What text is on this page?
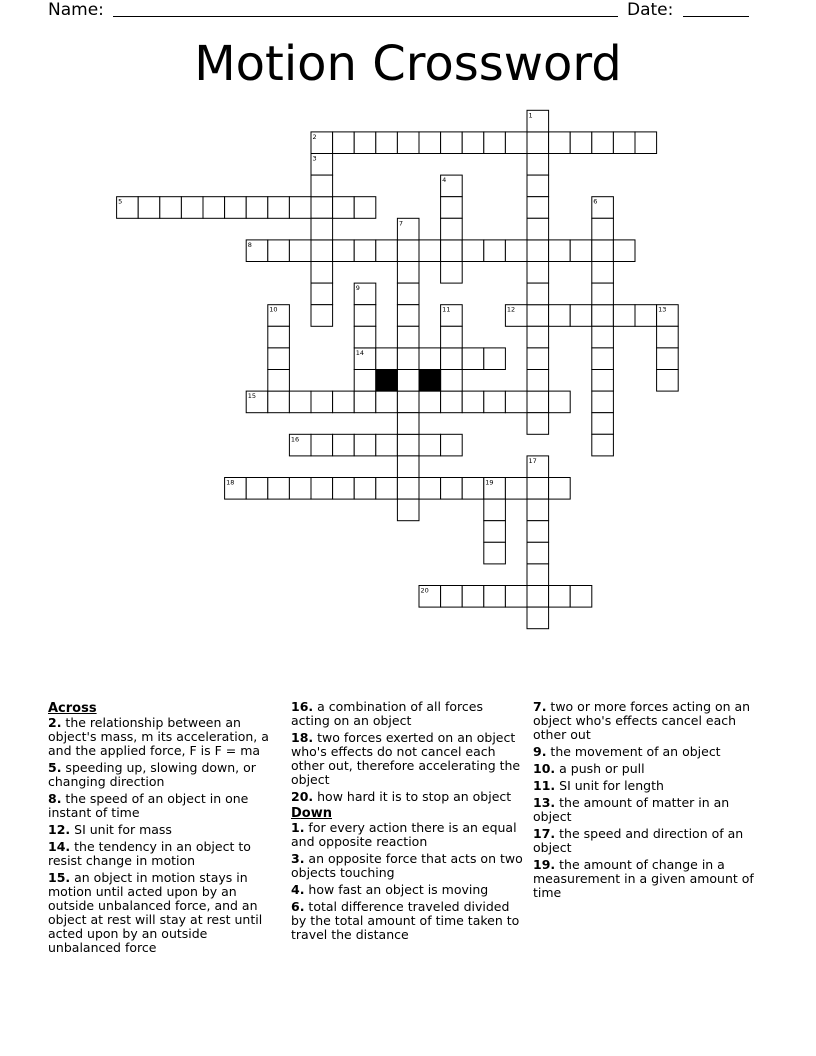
Name:	Date:
Motion Crossword
2
5
8
12
14
15
16
18
20
1
3
4
6
7
9
10	11	13
17
19
Across
2. the relationship between an object's mass, m its acceleration, a and the applied force, F is F = ma
5. speeding up, slowing down, or changing direction
8. the speed of an object in one instant of time
12. SI unit for mass
14. the tendency in an object to resist change in motion
15. an object in motion stays in motion until acted upon by an outside unbalanced force, and an object at rest will stay at rest until acted upon by an outside unbalanced force
16. a combination of all forces acting on an object
18. two forces exerted on an object who's effects do not cancel each other out, therefore accelerating the object
20. how hard it is to stop an object
Down
1. for every action there is an equal and opposite reaction
3. an opposite force that acts on two objects touching
4. how fast an object is moving
6. total difference traveled divided by the total amount of time taken to travel the distance
7. two or more forces acting on an object who's effects cancel each other out
9. the movement of an object
10. a push or pull
11. SI unit for length
13. the amount of matter in an object
17. the speed and direction of an object
19. the amount of change in a measurement in a given amount of time
